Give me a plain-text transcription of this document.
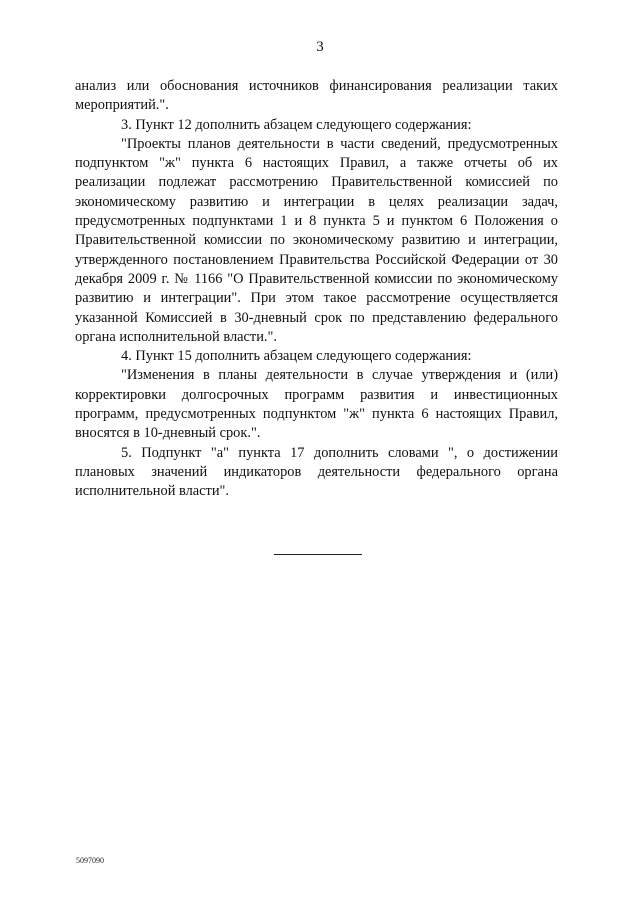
3

анализ или обоснования источников финансирования реализации таких мероприятий.".

3. Пункт 12 дополнить абзацем следующего содержания:

"Проекты планов деятельности в части сведений, предусмотренных подпунктом "ж" пункта 6 настоящих Правил, а также отчеты об их реализации подлежат рассмотрению Правительственной комиссией по экономическому развитию и интеграции в целях реализации задач, предусмотренных подпунктами 1 и 8 пункта 5 и пунктом 6 Положения о Правительственной комиссии по экономическому развитию и интеграции, утвержденного постановлением Правительства Российской Федерации от 30 декабря 2009 г. № 1166 "О Правительственной комиссии по экономическому развитию и интеграции". При этом такое рассмотрение осуществляется указанной Комиссией в 30-дневный срок по представлению федерального органа исполнительной власти.".

4. Пункт 15 дополнить абзацем следующего содержания:

"Изменения в планы деятельности в случае утверждения и (или) корректировки долгосрочных программ развития и инвестиционных программ, предусмотренных подпунктом "ж" пункта 6 настоящих Правил, вносятся в 10-дневный срок.".

5. Подпункт "а" пункта 17 дополнить словами ", о достижении плановых значений индикаторов деятельности федерального органа исполнительной власти".

5097090
